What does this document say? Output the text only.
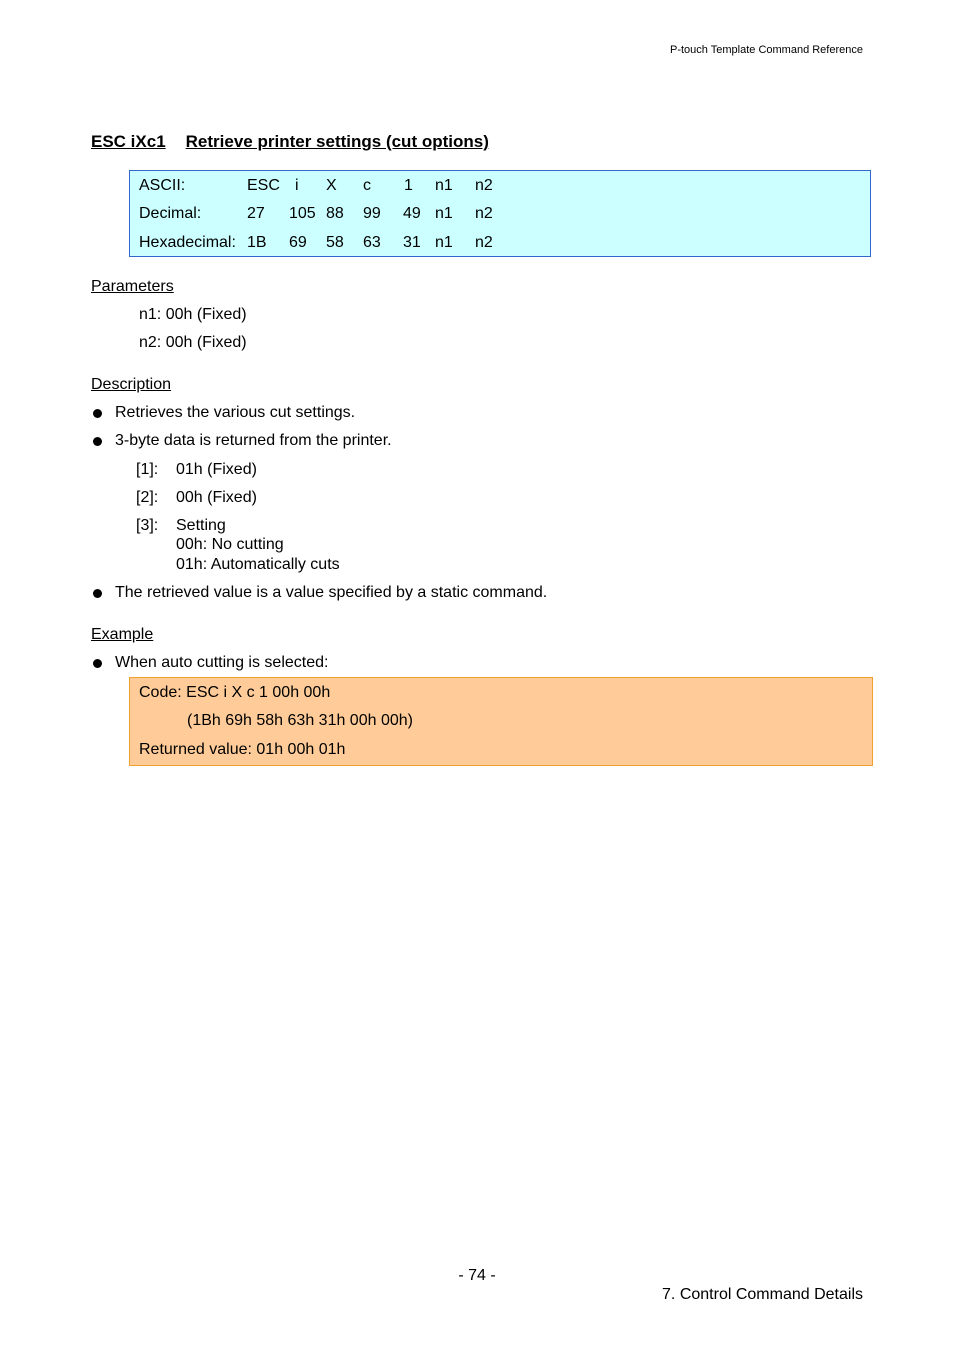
P-touch Template Command Reference
ESC iXc1 Retrieve printer settings (cut options)
ASCII:	ESC i X c 1 n1 n2
Decimal:	27 105 88 99 49 n1 n2
Hexadecimal: 1B 69 58 63 31 n1 n2
Parameters
n1: 00h (Fixed)
n2: 00h (Fixed)
Description
Retrieves the various cut settings.
3-byte data is returned from the printer.
[1]: 01h (Fixed)
[2]: 00h (Fixed)
[3]: Setting
00h: No cutting
01h: Automatically cuts
The retrieved value is a value specified by a static command.
Example
When auto cutting is selected:
Code: ESC i X c 1 00h 00h
(1Bh 69h 58h 63h 31h 00h 00h)
Returned value: 01h 00h 01h
- 74 -
7. Control Command Details
